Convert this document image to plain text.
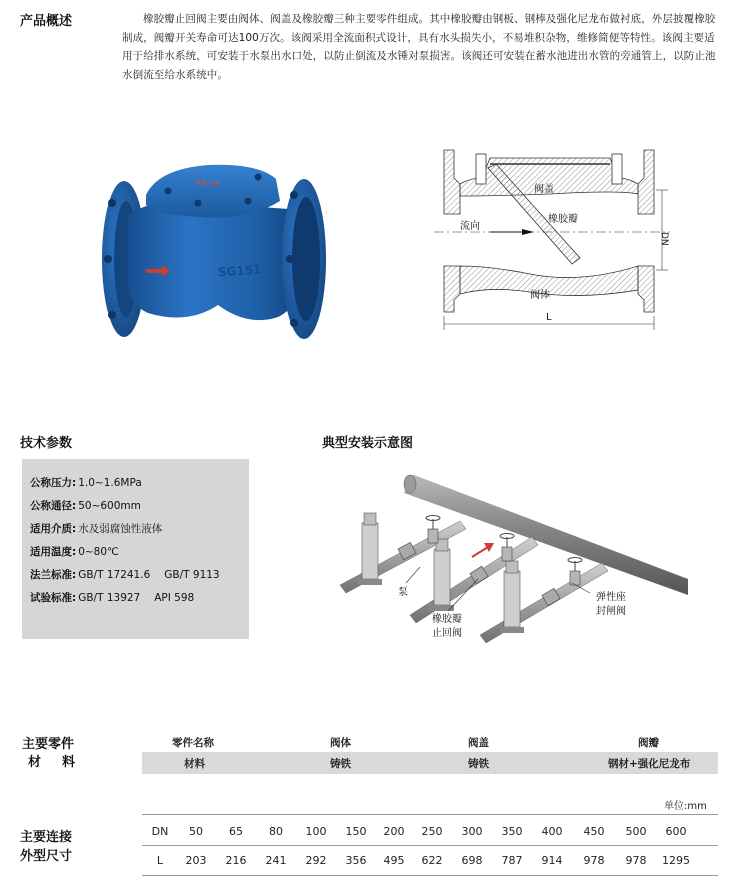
产品概述	橡胶瓣止回阀主要由阀体、阀盖及橡胶瓣三种主要零件组成。其中橡胶瓣由钢板、钢棒及强化尼龙布做衬底，外层披覆橡胶制成，阀瓣开关寿命可达100万次。该阀采用全流面积式设计，具有水头损失小，不易堆积杂物，维修简便等特性。该阀主要适用于给排水系统，可安装于水泵出水口处，以防止倒流及水锤对泵损害。该阀还可安装在蓄水池进出水管的旁通管上，以防止池水倒流至给水系统中。
PN 16
SG151
阀盖
橡胶瓣
流向
阀体
DN
L
技术参数
公称压力: 1.0~1.6MPa
公称通径: 50~600mm
适用介质: 水及弱腐蚀性液体
适用温度: 0~80℃
法兰标准: GB/T 17241.6 GB/T 9113
试验标准: GB/T 13927 API 598
典型安装示意图
泵
橡胶瓣
止回阀
弹性座
封闸阀
主要零件
材　料
零件名称	阀体	阀盖	阀瓣
材料	铸铁	铸铁	钢材+强化尼龙布
单位:mm
主要连接
外型尺寸
DN	50	65	80	100	150	200	250	300	350	400	450	500	600
L	203	216	241	292	356	495	622	698	787	914	978	978	1295
